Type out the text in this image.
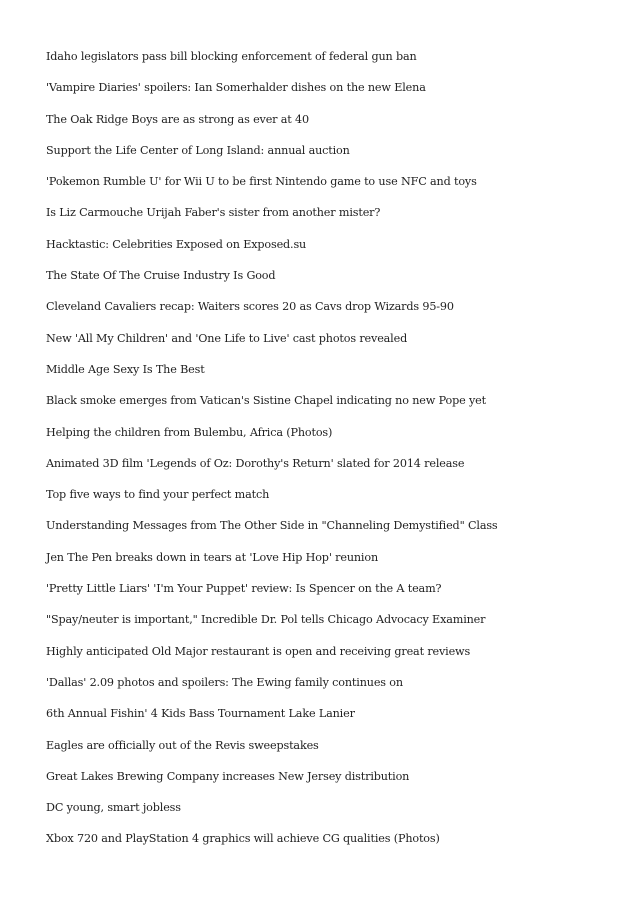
Idaho legislators pass bill blocking enforcement of federal gun ban
'Vampire Diaries' spoilers: Ian Somerhalder dishes on the new Elena
The Oak Ridge Boys are as strong as ever at 40
Support the Life Center of Long Island: annual auction
'Pokemon Rumble U' for Wii U to be first Nintendo game to use NFC and toys
Is Liz Carmouche Urijah Faber's sister from another mister?
Hacktastic: Celebrities Exposed on Exposed.su
The State Of The Cruise Industry Is Good
Cleveland Cavaliers recap: Waiters scores 20 as Cavs drop Wizards 95-90
New 'All My Children' and 'One Life to Live' cast photos revealed
Middle Age Sexy Is The Best
Black smoke emerges from Vatican's Sistine Chapel indicating no new Pope yet
Helping the children from Bulembu, Africa (Photos)
Animated 3D film 'Legends of Oz: Dorothy's Return' slated for 2014 release
Top five ways to find your perfect match
Understanding Messages from The Other Side in "Channeling Demystified" Class
Jen The Pen breaks down in tears at 'Love Hip Hop' reunion
'Pretty Little Liars' 'I'm Your Puppet' review: Is Spencer on the A team?
"Spay/neuter is important," Incredible Dr. Pol tells Chicago Advocacy Examiner
Highly anticipated Old Major restaurant is open and receiving great reviews
'Dallas' 2.09 photos and spoilers: The Ewing family continues on
6th Annual Fishin' 4 Kids Bass Tournament Lake Lanier
Eagles are officially out of the Revis sweepstakes
Great Lakes Brewing Company increases New Jersey distribution
DC young, smart jobless
Xbox 720 and PlayStation 4 graphics will achieve CG qualities (Photos)
